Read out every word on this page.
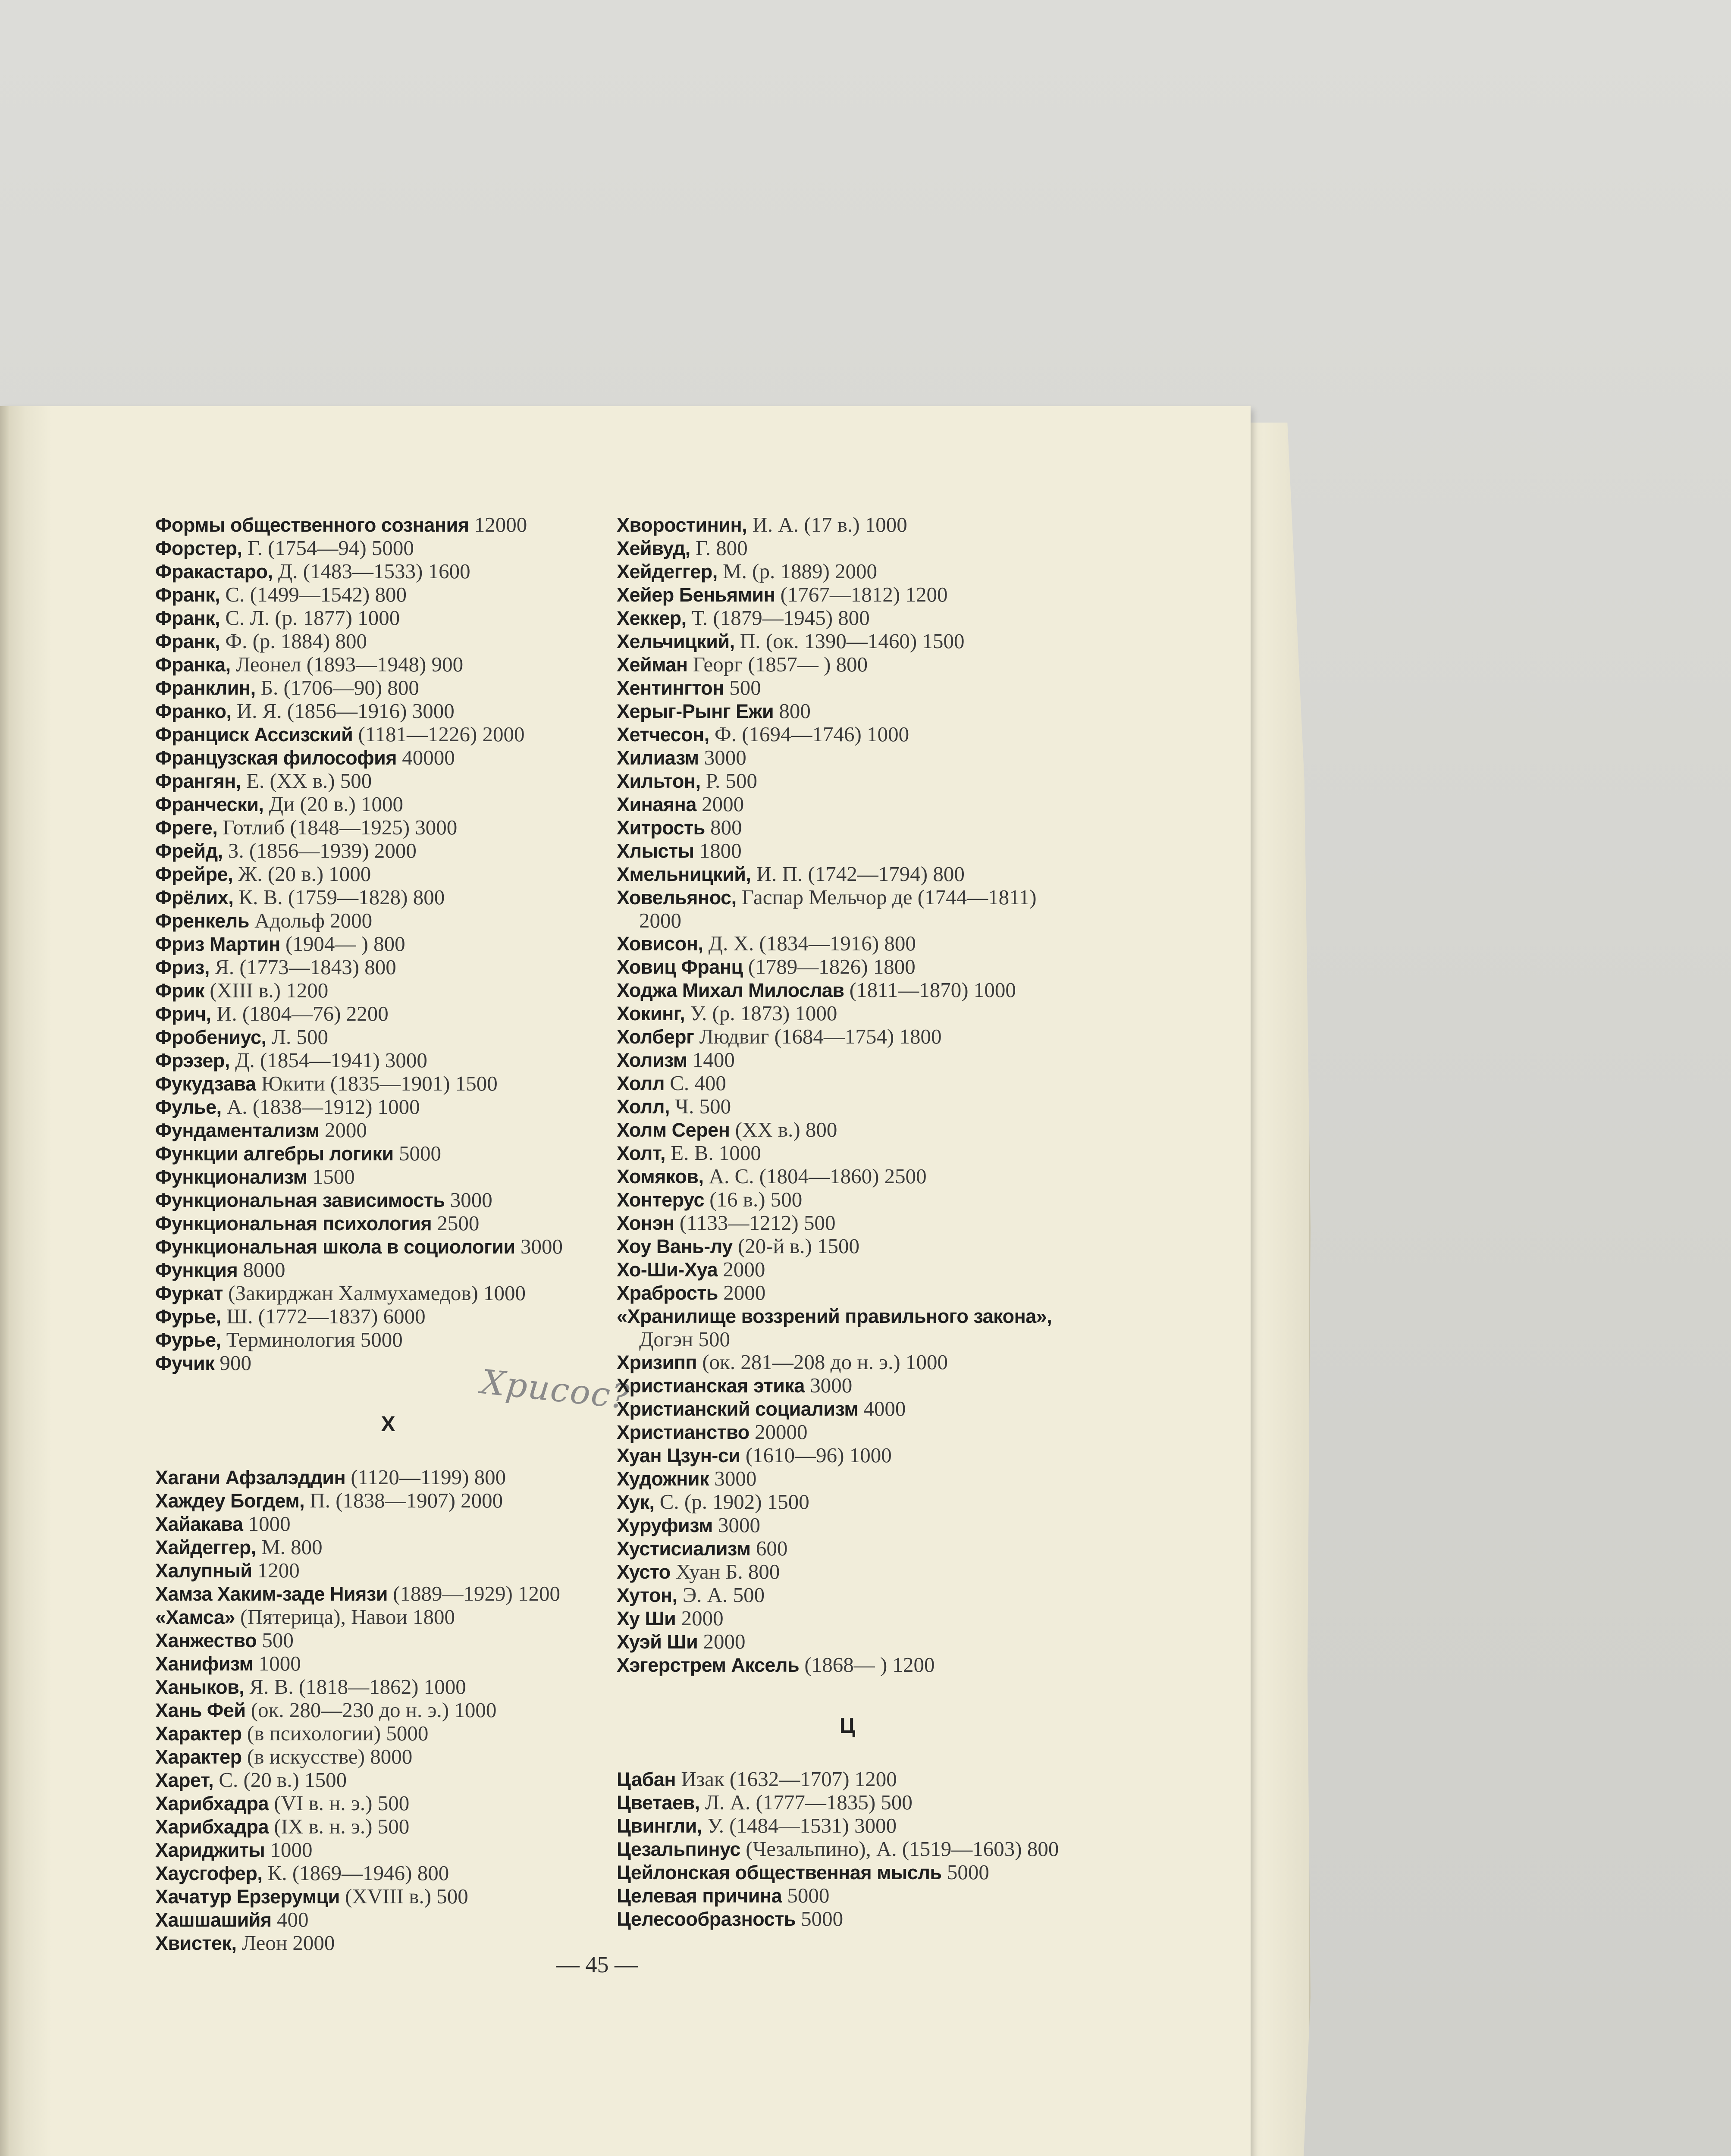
Формы общественного сознания 12000
Форстер, Г. (1754—94) 5000
Фракастаро, Д. (1483—1533) 1600
Франк, С. (1499—1542) 800
Франк, С. Л. (р. 1877) 1000
Франк, Ф. (р. 1884) 800
Франка, Леонел (1893—1948) 900
Франклин, Б. (1706—90) 800
Франко, И. Я. (1856—1916) 3000
Франциск Ассизский (1181—1226) 2000
Французская философия 40000
Франгян, Е. (XX в.) 500
Франчески, Ди (20 в.) 1000
Фреге, Готлиб (1848—1925) 3000
Фрейд, З. (1856—1939) 2000
Фрейре, Ж. (20 в.) 1000
Фрёлих, К. В. (1759—1828) 800
Френкель Адольф 2000
Фриз Мартин (1904— ) 800
Фриз, Я. (1773—1843) 800
Фрик (XIII в.) 1200
Фрич, И. (1804—76) 2200
Фробениус, Л. 500
Фрэзер, Д. (1854—1941) 3000
Фукудзава Юкити (1835—1901) 1500
Фулье, А. (1838—1912) 1000
Фундаментализм 2000
Функции алгебры логики 5000
Функционализм 1500
Функциональная зависимость 3000
Функциональная психология 2500
Функциональная школа в социологии 3000
Функция 8000
Фуркат (Закирджан Халмухамедов) 1000
Фурье, Ш. (1772—1837) 6000
Фурье, Терминология 5000
Фучик 900
Х
Хагани Афзалэддин (1120—1199) 800
Хаждеу Богдем, П. (1838—1907) 2000
Хайакава 1000
Хайдеггер, М. 800
Халупный 1200
Хамза Хаким-заде Ниязи (1889—1929) 1200
«Хамса» (Пятерица), Навои 1800
Ханжество 500
Ханифизм 1000
Ханыков, Я. В. (1818—1862) 1000
Хань Фей (ок. 280—230 до н. э.) 1000
Характер (в психологии) 5000
Характер (в искусстве) 8000
Харет, С. (20 в.) 1500
Харибхадра (VI в. н. э.) 500
Харибхадра (IX в. н. э.) 500
Хариджиты 1000
Хаусгофер, К. (1869—1946) 800
Хачатур Ерзерумци (XVIII в.) 500
Хашшашийя 400
Хвистек, Леон 2000
Хрисос?
Хворостинин, И. А. (17 в.) 1000
Хейвуд, Г. 800
Хейдеггер, М. (р. 1889) 2000
Хейер Беньямин (1767—1812) 1200
Хеккер, Т. (1879—1945) 800
Хельчицкий, П. (ок. 1390—1460) 1500
Хейман Георг (1857— ) 800
Хентингтон 500
Херыг-Рынг Ежи 800
Хетчесон, Ф. (1694—1746) 1000
Хилиазм 3000
Хильтон, Р. 500
Хинаяна 2000
Хитрость 800
Хлысты 1800
Хмельницкий, И. П. (1742—1794) 800
Ховельянос, Гаспар Мельчор де (1744—1811) 2000
Ховисон, Д. Х. (1834—1916) 800
Ховиц Франц (1789—1826) 1800
Ходжа Михал Милослав (1811—1870) 1000
Хокинг, У. (р. 1873) 1000
Холберг Людвиг (1684—1754) 1800
Холизм 1400
Холл С. 400
Холл, Ч. 500
Холм Серен (XX в.) 800
Холт, Е. В. 1000
Хомяков, А. С. (1804—1860) 2500
Хонтерус (16 в.) 500
Хонэн (1133—1212) 500
Хоу Вань-лу (20-й в.) 1500
Хо-Ши-Хуа 2000
Храбрость 2000
«Хранилище воззрений правильного закона», Догэн 500
Хризипп (ок. 281—208 до н. э.) 1000
Христианская этика 3000
Христианский социализм 4000
Христианство 20000
Хуан Цзун-си (1610—96) 1000
Художник 3000
Хук, С. (р. 1902) 1500
Хуруфизм 3000
Хустисиализм 600
Хусто Хуан Б. 800
Хутон, Э. А. 500
Ху Ши 2000
Хуэй Ши 2000
Хэгерстрем Аксель (1868— ) 1200
Ц
Цабан Изак (1632—1707) 1200
Цветаев, Л. А. (1777—1835) 500
Цвингли, У. (1484—1531) 3000
Цезальпинус (Чезальпино), А. (1519—1603) 800
Цейлонская общественная мысль 5000
Целевая причина 5000
Целесообразность 5000
— 45 —
